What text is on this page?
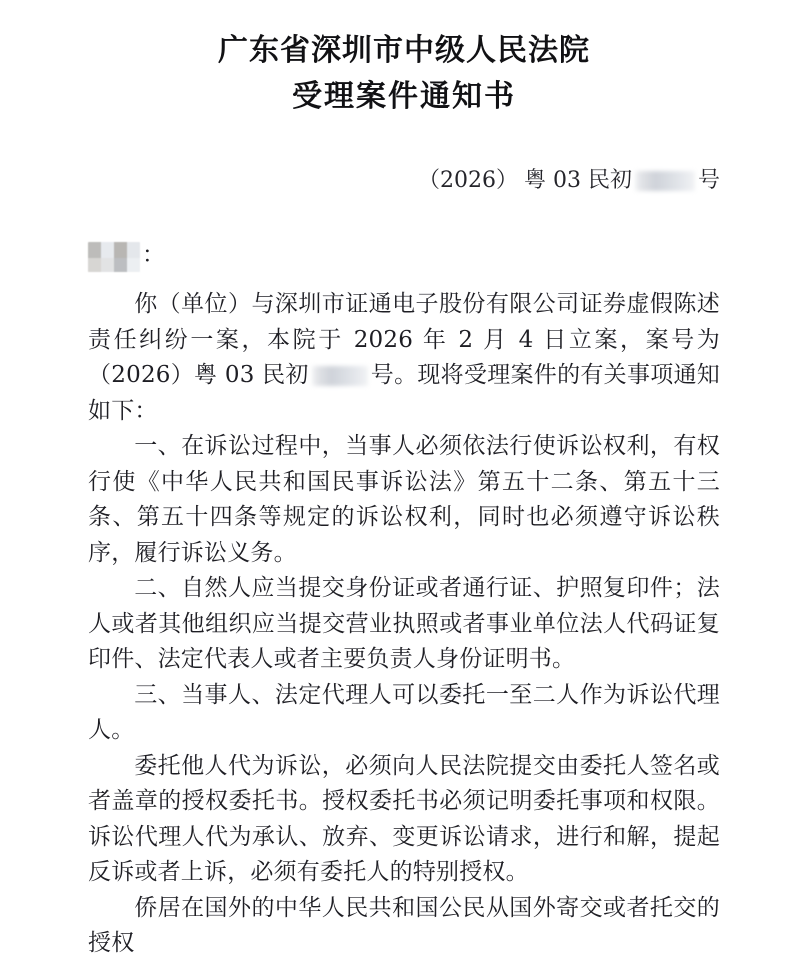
广东省深圳市中级人民法院
受理案件通知书
（2026） 粤 03 民初	号
：

你（单位）与深圳市证通电子股份有限公司证券虚假陈述责任纠纷一案，本院于 2026 年 2 月 4 日立案，案号为（2026）粤 03 民初	号。现将受理案件的有关事项通知如下：

一、在诉讼过程中，当事人必须依法行使诉讼权利，有权行使《中华人民共和国民事诉讼法》第五十二条、第五十三条、第五十四条等规定的诉讼权利，同时也必须遵守诉讼秩序，履行诉讼义务。

二、自然人应当提交身份证或者通行证、护照复印件；法人或者其他组织应当提交营业执照或者事业单位法人代码证复印件、法定代表人或者主要负责人身份证明书。

三、当事人、法定代理人可以委托一至二人作为诉讼代理人。

委托他人代为诉讼，必须向人民法院提交由委托人签名或者盖章的授权委托书。授权委托书必须记明委托事项和权限。诉讼代理人代为承认、放弃、变更诉讼请求，进行和解，提起反诉或者上诉，必须有委托人的特别授权。

侨居在国外的中华人民共和国公民从国外寄交或者托交的授权
